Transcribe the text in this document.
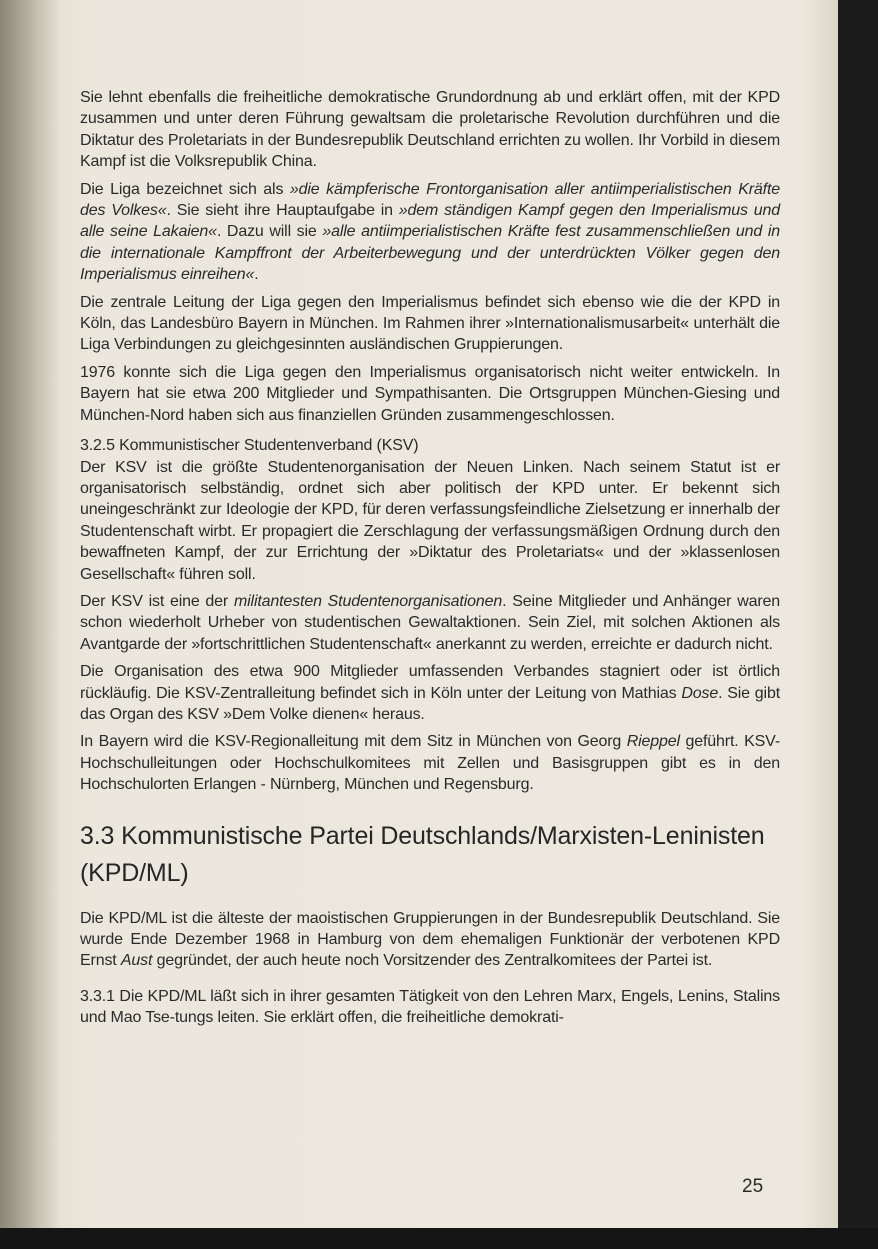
Sie lehnt ebenfalls die freiheitliche demokratische Grundordnung ab und erklärt offen, mit der KPD zusammen und unter deren Führung gewaltsam die proletarische Revolution durchführen und die Diktatur des Proletariats in der Bundesrepublik Deutschland errichten zu wollen. Ihr Vorbild in diesem Kampf ist die Volksrepublik China.

Die Liga bezeichnet sich als »die kämpferische Frontorganisation aller antiimperialistischen Kräfte des Volkes«. Sie sieht ihre Hauptaufgabe in »dem ständigen Kampf gegen den Imperialismus und alle seine Lakaien«. Dazu will sie »alle antiimperialistischen Kräfte fest zusammenschließen und in die internationale Kampffront der Arbeiterbewegung und der unterdrückten Völker gegen den Imperialismus einreihen«.

Die zentrale Leitung der Liga gegen den Imperialismus befindet sich ebenso wie die der KPD in Köln, das Landesbüro Bayern in München. Im Rahmen ihrer »Internationalismusarbeit« unterhält die Liga Verbindungen zu gleichgesinnten ausländischen Gruppierungen.

1976 konnte sich die Liga gegen den Imperialismus organisatorisch nicht weiter entwickeln. In Bayern hat sie etwa 200 Mitglieder und Sympathisanten. Die Ortsgruppen München-Giesing und München-Nord haben sich aus finanziellen Gründen zusammengeschlossen.

3.2.5 Kommunistischer Studentenverband (KSV)

Der KSV ist die größte Studentenorganisation der Neuen Linken. Nach seinem Statut ist er organisatorisch selbständig, ordnet sich aber politisch der KPD unter. Er bekennt sich uneingeschränkt zur Ideologie der KPD, für deren verfassungsfeindliche Zielsetzung er innerhalb der Studentenschaft wirbt. Er propagiert die Zerschlagung der verfassungsmäßigen Ordnung durch den bewaffneten Kampf, der zur Errichtung der »Diktatur des Proletariats« und der »klassenlosen Gesellschaft« führen soll.

Der KSV ist eine der militantesten Studentenorganisationen. Seine Mitglieder und Anhänger waren schon wiederholt Urheber von studentischen Gewaltaktionen. Sein Ziel, mit solchen Aktionen als Avantgarde der »fortschrittlichen Studentenschaft« anerkannt zu werden, erreichte er dadurch nicht.

Die Organisation des etwa 900 Mitglieder umfassenden Verbandes stagniert oder ist örtlich rückläufig. Die KSV-Zentralleitung befindet sich in Köln unter der Leitung von Mathias Dose. Sie gibt das Organ des KSV »Dem Volke dienen« heraus.

In Bayern wird die KSV-Regionalleitung mit dem Sitz in München von Georg Rieppel geführt. KSV-Hochschulleitungen oder Hochschulkomitees mit Zellen und Basisgruppen gibt es in den Hochschulorten Erlangen - Nürnberg, München und Regensburg.

3.3 Kommunistische Partei Deutschlands/Marxisten-Leninisten (KPD/ML)

Die KPD/ML ist die älteste der maoistischen Gruppierungen in der Bundesrepublik Deutschland. Sie wurde Ende Dezember 1968 in Hamburg von dem ehemaligen Funktionär der verbotenen KPD Ernst Aust gegründet, der auch heute noch Vorsitzender des Zentralkomitees der Partei ist.

3.3.1 Die KPD/ML läßt sich in ihrer gesamten Tätigkeit von den Lehren Marx, Engels, Lenins, Stalins und Mao Tse-tungs leiten. Sie erklärt offen, die freiheitliche demokrati-

25
